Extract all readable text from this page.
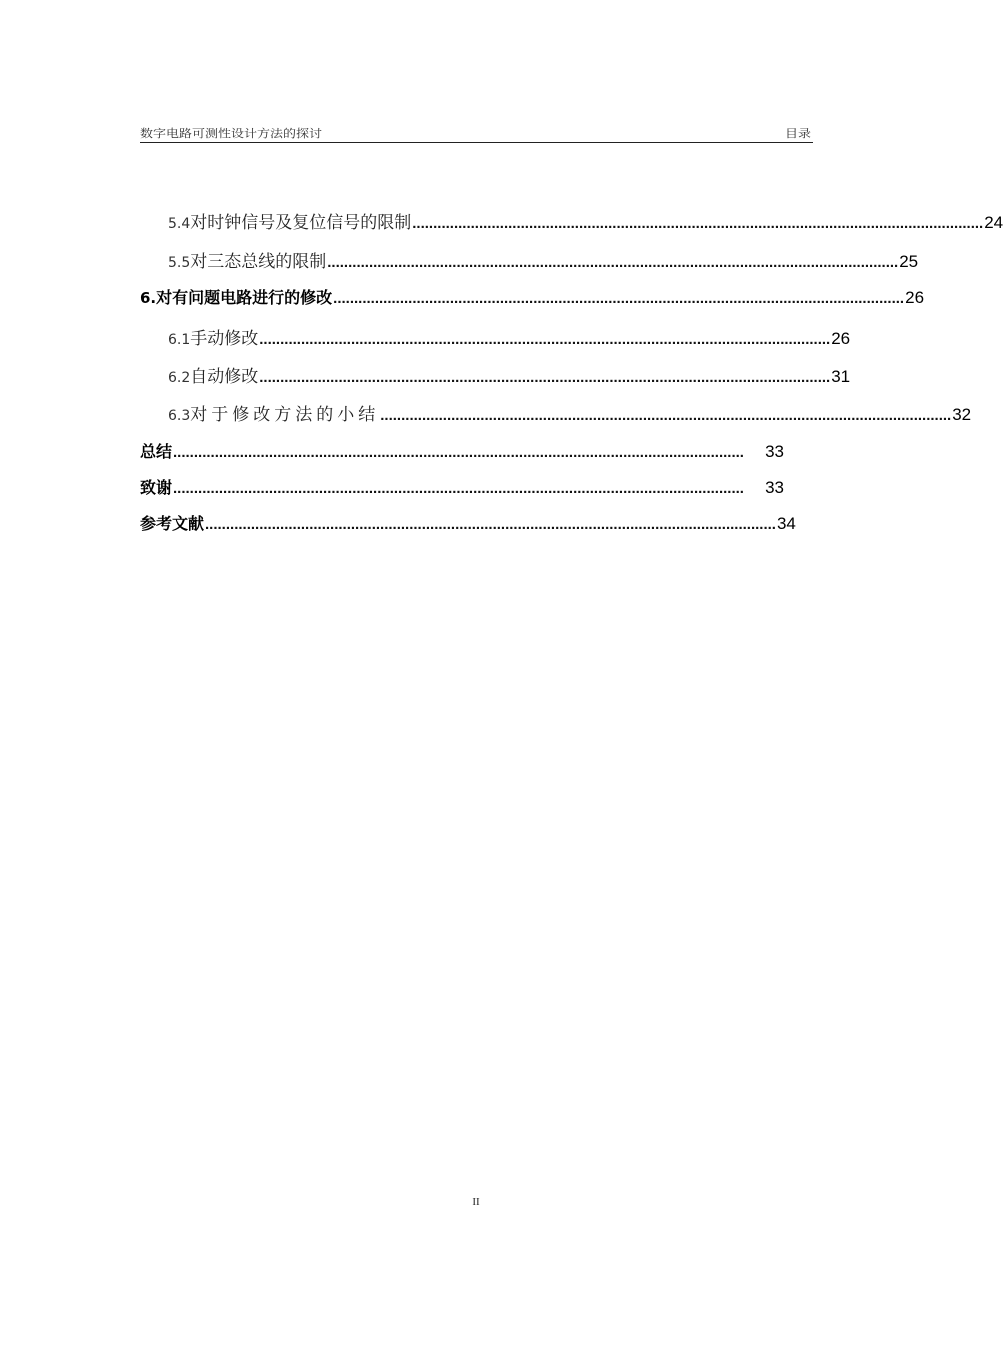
数字电路可测性设计方法的探讨	目录
5.4 对时钟信号及复位信号的限制 ......................................................................................................................................... 24
5.5 对三态总线的限制 ......................................................................................................................................... 25
6. 对有问题电路进行的修改 ......................................................................................................................................... 26
6.1 手动修改 ......................................................................................................................................... 26
6.2 自动修改 ......................................................................................................................................... 31
6.3 对于修改方法的小结 ......................................................................................................................................... 32
总结 .........................................................................................................................................	33
致谢 .........................................................................................................................................	33
参考文献 ......................................................................................................................................... 34
II
